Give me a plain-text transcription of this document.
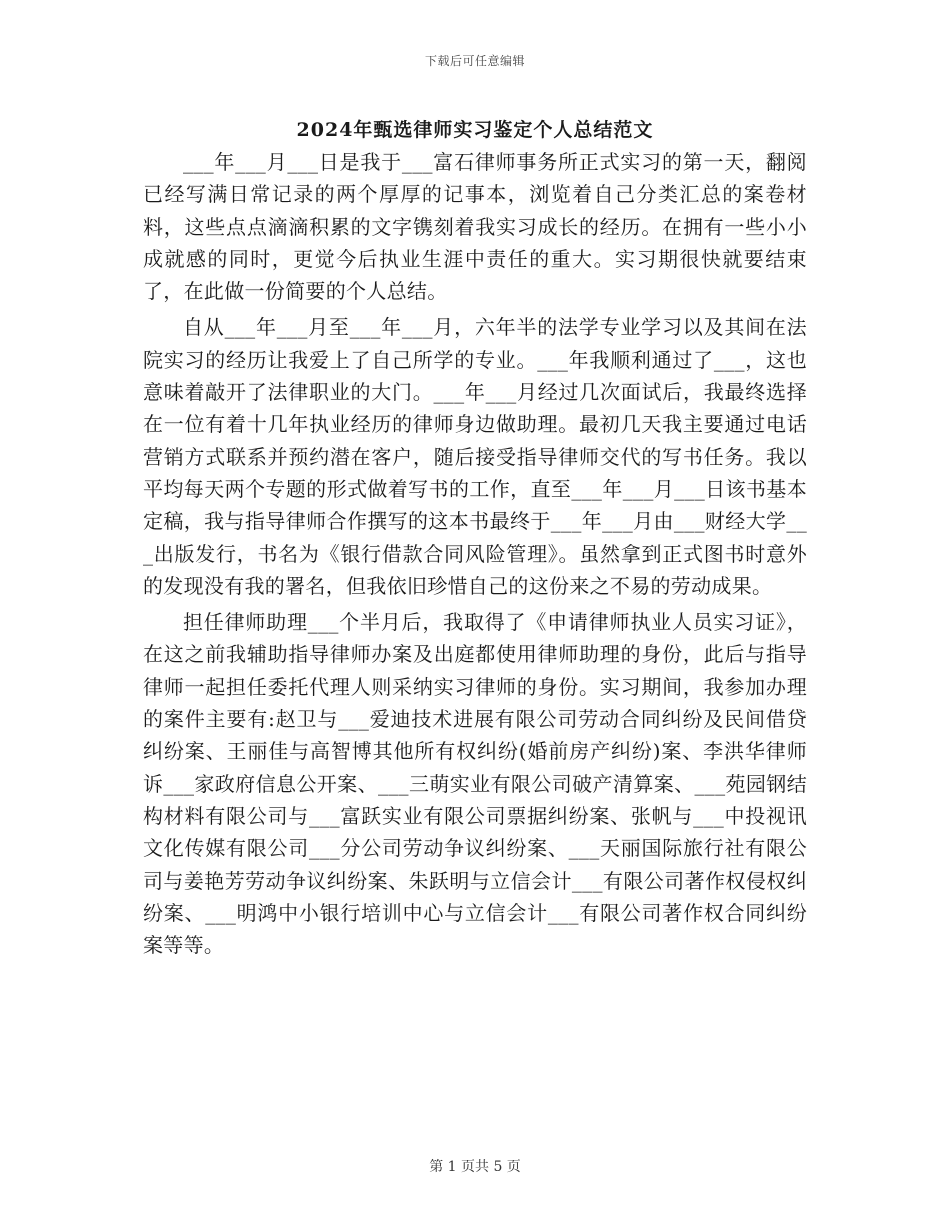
下载后可任意编辑
2024年甄选律师实习鉴定个人总结范文

___年___月___日是我于___富石律师事务所正式实习的第一天，翻阅已经写满日常记录的两个厚厚的记事本，浏览着自己分类汇总的案卷材料，这些点点滴滴积累的文字镌刻着我实习成长的经历。在拥有一些小小成就感的同时，更觉今后执业生涯中责任的重大。实习期很快就要结束了，在此做一份简要的个人总结。

自从___年___月至___年___月，六年半的法学专业学习以及其间在法院实习的经历让我爱上了自己所学的专业。___年我顺利通过了___，这也意味着敲开了法律职业的大门。___年___月经过几次面试后，我最终选择在一位有着十几年执业经历的律师身边做助理。最初几天我主要通过电话营销方式联系并预约潜在客户，随后接受指导律师交代的写书任务。我以平均每天两个专题的形式做着写书的工作，直至___年___月___日该书基本定稿，我与指导律师合作撰写的这本书最终于___年___月由___财经大学___出版发行，书名为《银行借款合同风险管理》。虽然拿到正式图书时意外的发现没有我的署名，但我依旧珍惜自己的这份来之不易的劳动成果。

担任律师助理___个半月后，我取得了《申请律师执业人员实习证》，在这之前我辅助指导律师办案及出庭都使用律师助理的身份，此后与指导律师一起担任委托代理人则采纳实习律师的身份。实习期间，我参加办理的案件主要有:赵卫与___爱迪技术进展有限公司劳动合同纠纷及民间借贷纠纷案、王丽佳与高智博其他所有权纠纷(婚前房产纠纷)案、李洪华律师诉___家政府信息公开案、___三萌实业有限公司破产清算案、___苑园钢结构材料有限公司与___富跃实业有限公司票据纠纷案、张帆与___中投视讯文化传媒有限公司___分公司劳动争议纠纷案、___天丽国际旅行社有限公司与姜艳芳劳动争议纠纷案、朱跃明与立信会计___有限公司著作权侵权纠纷案、___明鸿中小银行培训中心与立信会计___有限公司著作权合同纠纷案等等。

第 1 页共 5 页
